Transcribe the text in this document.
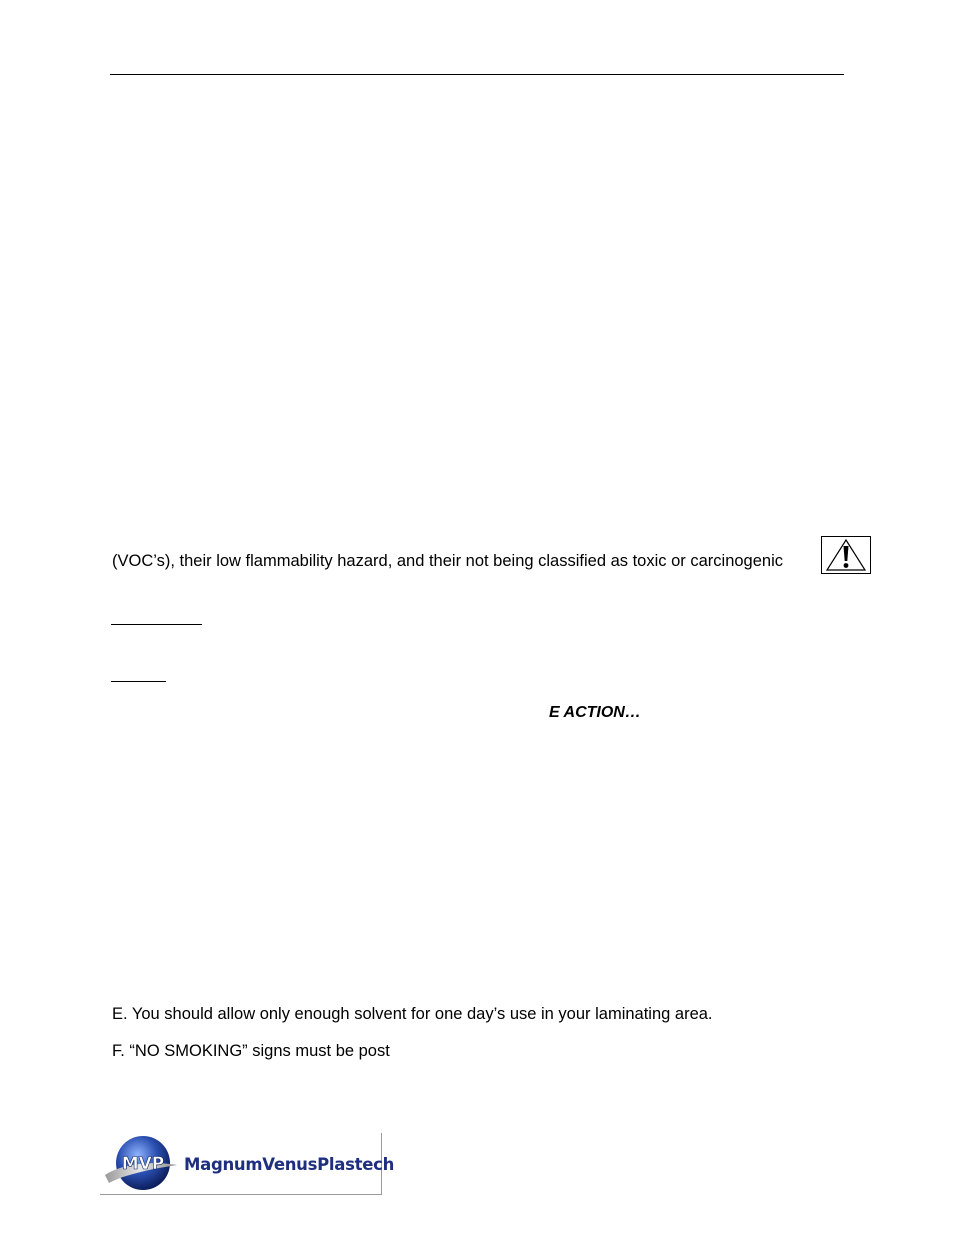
(VOC’s), their low flammability hazard, and their not being classified as toxic or carcinogenic
E ACTION…
E. You should allow only enough solvent for one day’s use in your laminating area.
F. “NO SMOKING” signs must be post
MVP MagnumVenusPlastech
